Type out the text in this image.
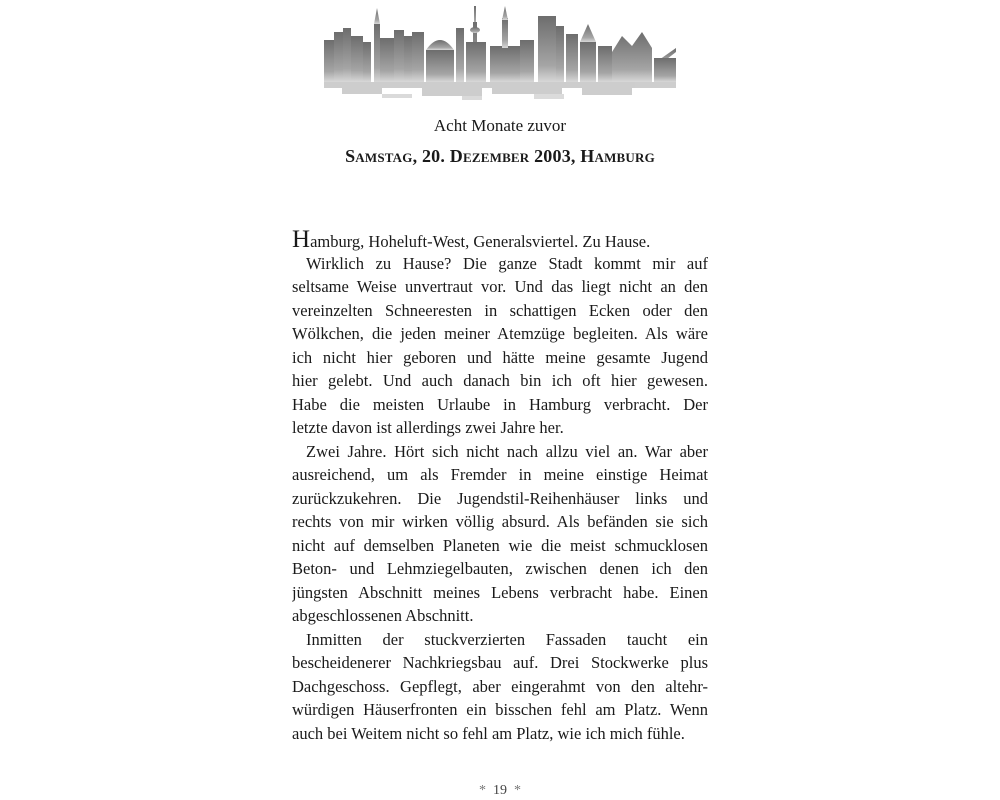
Acht Monate zuvor
Samstag, 20. Dezember 2003, Hamburg
Hamburg, Hoheluft-West, Generalsviertel. Zu Hause.
Wirklich zu Hause? Die ganze Stadt kommt mir auf
seltsame Weise unvertraut vor. Und das liegt nicht an den
vereinzelten Schneeresten in schattigen Ecken oder den
Wölkchen, die jeden meiner Atemzüge begleiten. Als wäre
ich nicht hier geboren und hätte meine gesamte Jugend
hier gelebt. Und auch danach bin ich oft hier gewesen.
Habe die meisten Urlaube in Hamburg verbracht. Der
letzte davon ist allerdings zwei Jahre her.
Zwei Jahre. Hört sich nicht nach allzu viel an. War aber
ausreichend, um als Fremder in meine einstige Heimat
zurückzukehren. Die Jugendstil-Reihenhäuser links und
rechts von mir wirken völlig absurd. Als befänden sie sich
nicht auf demselben Planeten wie die meist schmucklosen
Beton- und Lehmziegelbauten, zwischen denen ich den
jüngsten Abschnitt meines Lebens verbracht habe. Einen
abgeschlossenen Abschnitt.
Inmitten der stuckverzierten Fassaden taucht ein
bescheidenerer Nachkriegsbau auf. Drei Stockwerke plus
Dachgeschoss. Gepflegt, aber eingerahmt von den altehr-
würdigen Häuserfronten ein bisschen fehl am Platz. Wenn
auch bei Weitem nicht so fehl am Platz, wie ich mich fühle.
* 19 *
